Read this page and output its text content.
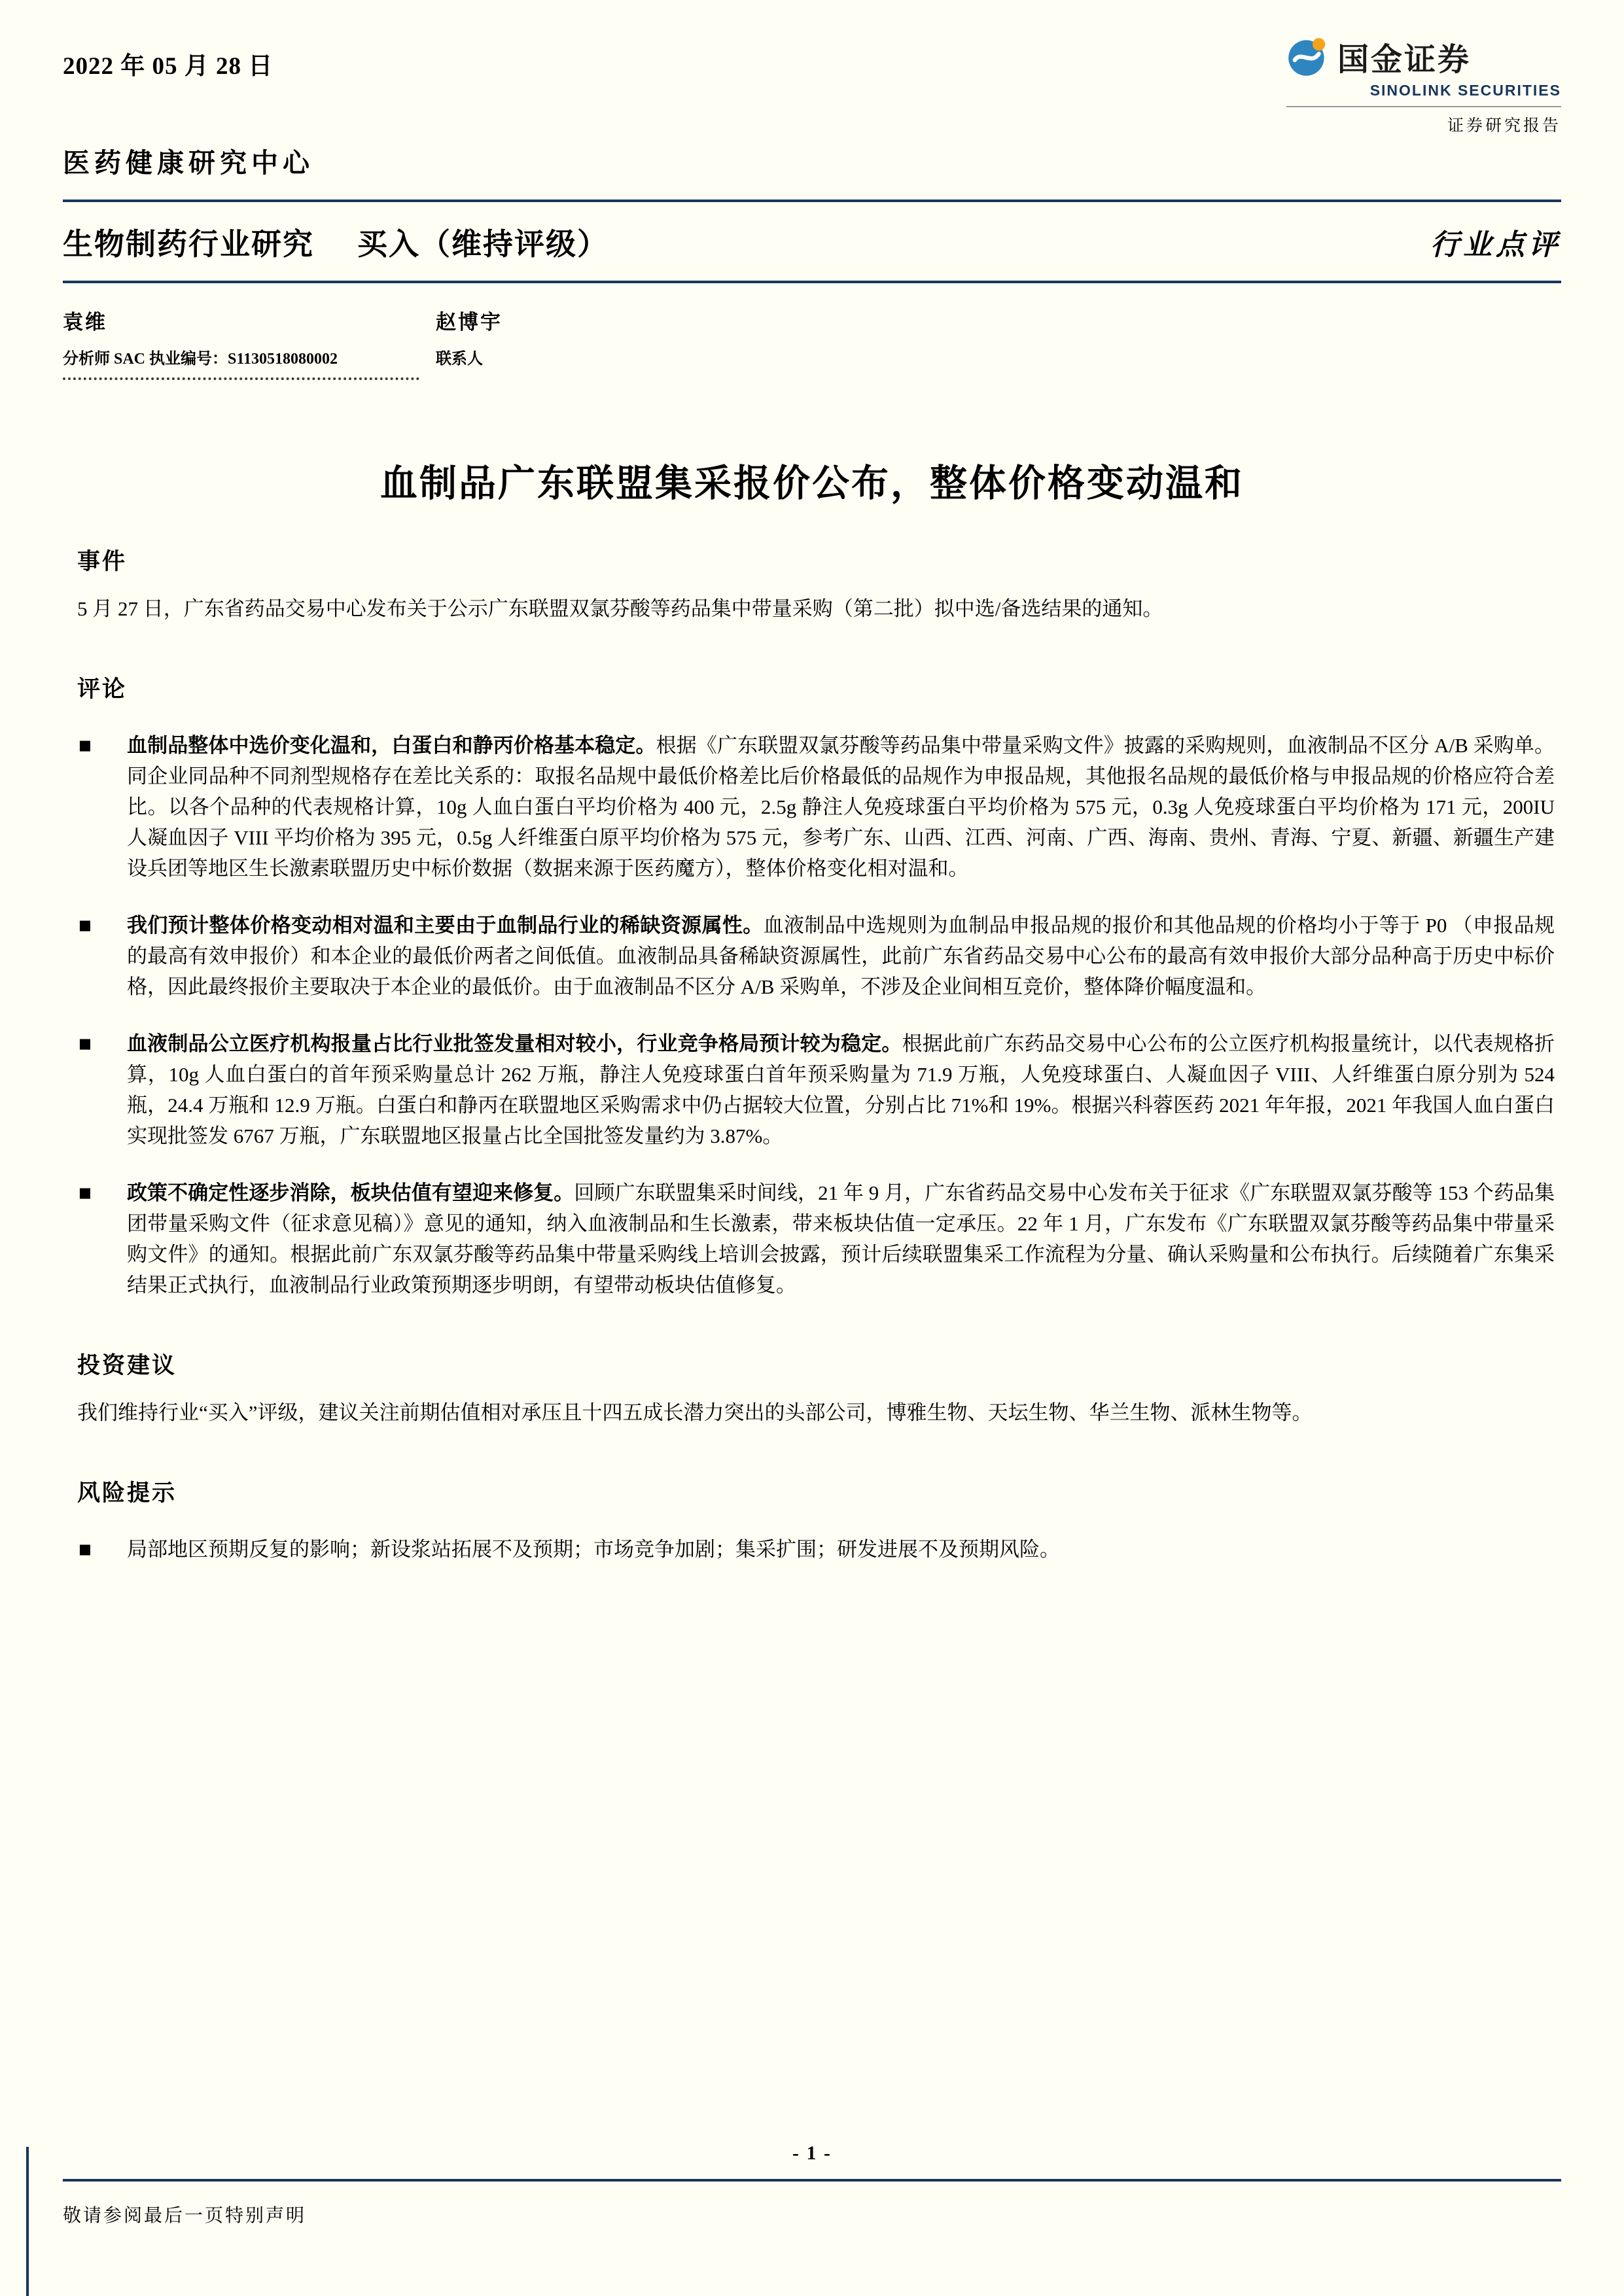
国金证券
SINOLINK SECURITIES
证券研究报告
2022 年 05 月 28 日
医药健康研究中心
生物制药行业研究 买入（维持评级）	行业点评
袁维
分析师 SAC 执业编号：S1130518080002
赵博宇
联系人
血制品广东联盟集采报价公布，整体价格变动温和
事件
5 月 27 日，广东省药品交易中心发布关于公示广东联盟双氯芬酸等药品集中带量采购（第二批）拟中选/备选结果的通知。
评论
■	血制品整体中选价变化温和，白蛋白和静丙价格基本稳定。根据《广东联盟双氯芬酸等药品集中带量采购文件》披露的采购规则，血液制品不区分 A/B 采购单。同企业同品种不同剂型规格存在差比关系的：取报名品规中最低价格差比后价格最低的品规作为申报品规，其他报名品规的最低价格与申报品规的价格应符合差比。以各个品种的代表规格计算，10g 人血白蛋白平均价格为 400 元，2.5g 静注人免疫球蛋白平均价格为 575 元，0.3g 人免疫球蛋白平均价格为 171 元，200IU 人凝血因子 VIII 平均价格为 395 元，0.5g 人纤维蛋白原平均价格为 575 元，参考广东、山西、江西、河南、广西、海南、贵州、青海、宁夏、新疆、新疆生产建设兵团等地区生长激素联盟历史中标价数据（数据来源于医药魔方），整体价格变化相对温和。
■	我们预计整体价格变动相对温和主要由于血制品行业的稀缺资源属性。血液制品中选规则为血制品申报品规的报价和其他品规的价格均小于等于 P0 （申报品规的最高有效申报价）和本企业的最低价两者之间低值。血液制品具备稀缺资源属性，此前广东省药品交易中心公布的最高有效申报价大部分品种高于历史中标价格，因此最终报价主要取决于本企业的最低价。由于血液制品不区分 A/B 采购单，不涉及企业间相互竞价，整体降价幅度温和。
■	血液制品公立医疗机构报量占比行业批签发量相对较小，行业竞争格局预计较为稳定。根据此前广东药品交易中心公布的公立医疗机构报量统计，以代表规格折算，10g 人血白蛋白的首年预采购量总计 262 万瓶，静注人免疫球蛋白首年预采购量为 71.9 万瓶，人免疫球蛋白、人凝血因子 VIII、人纤维蛋白原分别为 524 瓶，24.4 万瓶和 12.9 万瓶。白蛋白和静丙在联盟地区采购需求中仍占据较大位置，分别占比 71%和 19%。根据兴科蓉医药 2021 年年报，2021 年我国人血白蛋白实现批签发 6767 万瓶，广东联盟地区报量占比全国批签发量约为 3.87%。
■	政策不确定性逐步消除，板块估值有望迎来修复。回顾广东联盟集采时间线，21 年 9 月，广东省药品交易中心发布关于征求《广东联盟双氯芬酸等 153 个药品集团带量采购文件（征求意见稿）》意见的通知，纳入血液制品和生长激素，带来板块估值一定承压。22 年 1 月，广东发布《广东联盟双氯芬酸等药品集中带量采购文件》的通知。根据此前广东双氯芬酸等药品集中带量采购线上培训会披露，预计后续联盟集采工作流程为分量、确认采购量和公布执行。后续随着广东集采结果正式执行，血液制品行业政策预期逐步明朗，有望带动板块估值修复。
投资建议
我们维持行业“买入”评级，建议关注前期估值相对承压且十四五成长潜力突出的头部公司，博雅生物、天坛生物、华兰生物、派林生物等。
风险提示
■	局部地区预期反复的影响；新设浆站拓展不及预期；市场竞争加剧；集采扩围；研发进展不及预期风险。
- 1 -
敬请参阅最后一页特别声明
